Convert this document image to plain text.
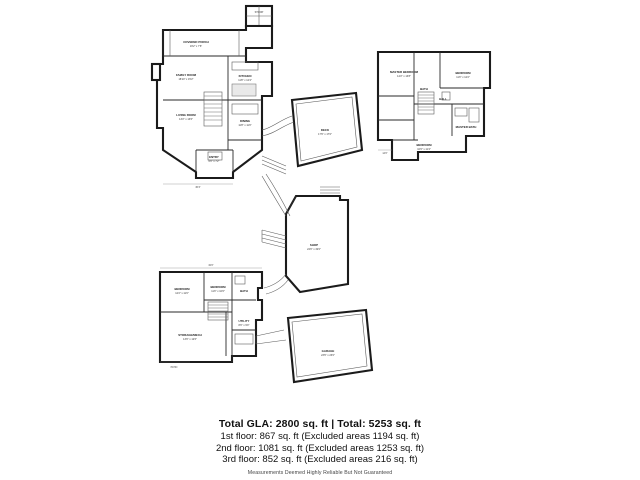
36'4"
COVERED PORCH
19'2" x 7'6"
FAMILY ROOM
18'10" x 15'2"
KITCHEN
11'8" x 12'4"
DINING
11'8" x 11'0"
LIVING ROOM
13'2" x 13'6"
ENTRY
6'0" x 7'2"
DECK
17'6" x 17'0"
STOOP
14'0"
MASTER BEDROOM
14'2" x 13'8"
BEDROOM
11'0" x 12'2"
BATH
HALL
MASTER BATH
BEDROOM
10'6" x 11'4"
SHOP
24'0" x 32'0"
PATIO
32'0"
BEDROOM
12'2" x 11'0"
BEDROOM
11'0" x 10'6"	BATH
STORAGE/MECH
13'0" x 12'6"
UTILITY
8'0" x 9'0"
GARAGE
23'6" x 23'0"
Total GLA: 2800 sq. ft | Total: 5253 sq. ft
1st floor: 867 sq. ft (Excluded areas 1194 sq. ft)
2nd floor: 1081 sq. ft (Excluded areas 1253 sq. ft)
3rd floor: 852 sq. ft (Excluded areas 216 sq. ft)
Measurements Deemed Highly Reliable But Not Guaranteed
